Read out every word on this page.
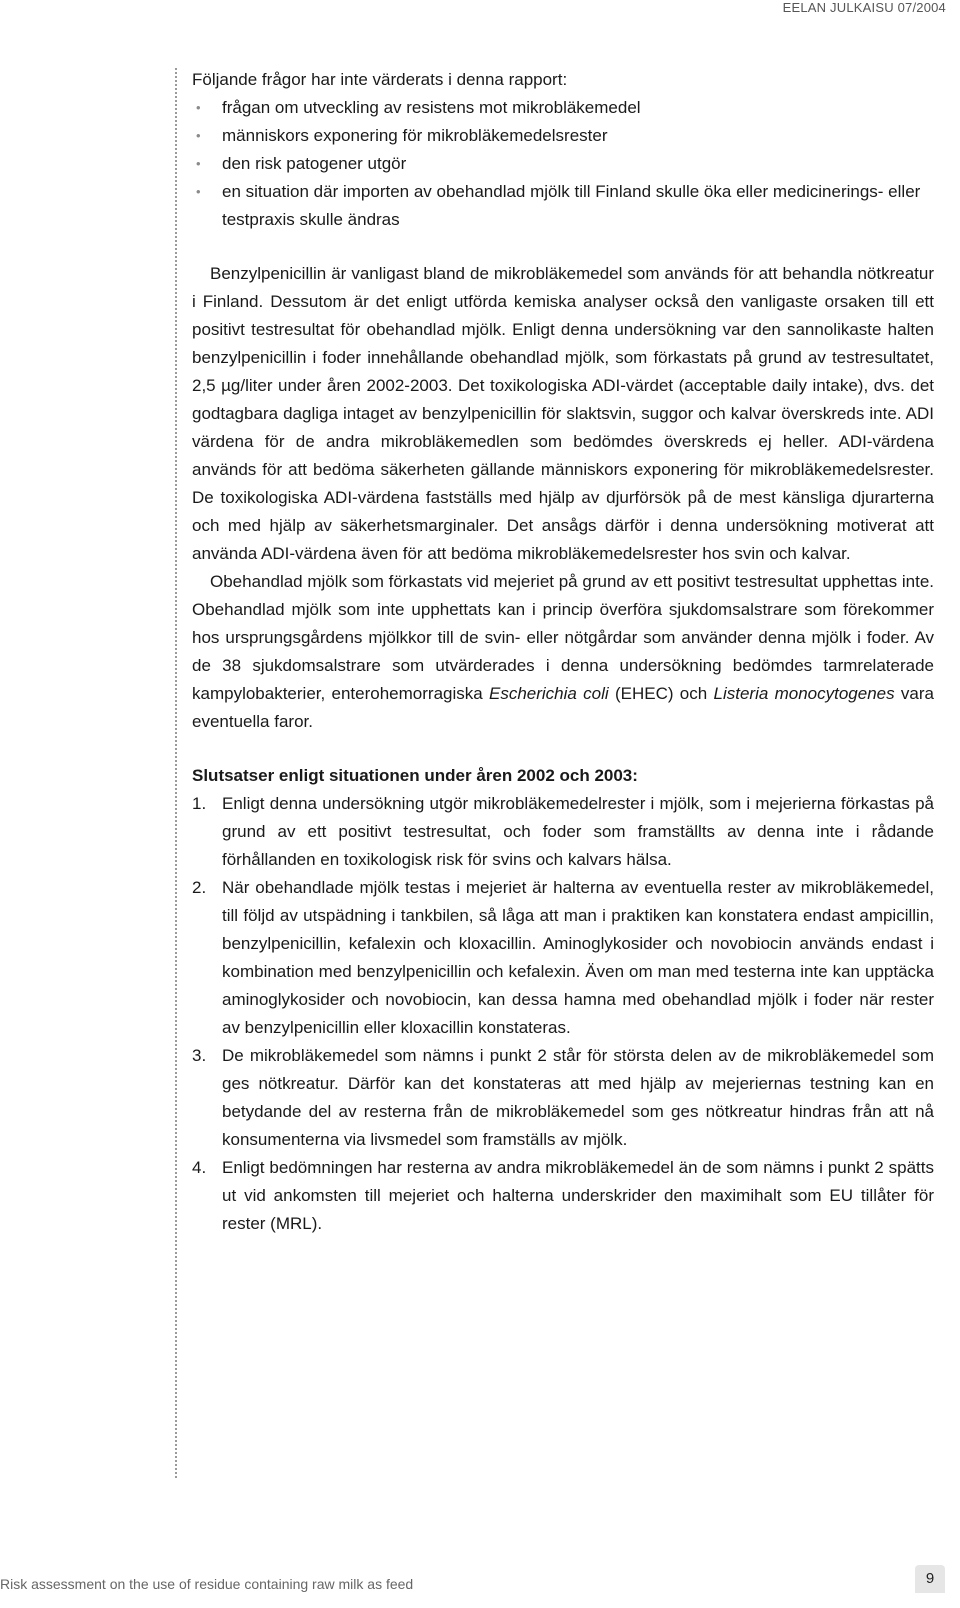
EELAN JULKAISU 07/2004

Följande frågor har inte värderats i denna rapport:

• frågan om utveckling av resistens mot mikrobläkemedel
• människors exponering för mikrobläkemedelsrester
• den risk patogener utgör
• en situation där importen av obehandlad mjölk till Finland skulle öka eller medicinerings- eller testpraxis skulle ändras

Benzylpenicillin är vanligast bland de mikrobläkemedel som används för att behandla nötkreatur i Finland. Dessutom är det enligt utförda kemiska analyser också den vanligaste orsaken till ett positivt testresultat för obehandlad mjölk. Enligt denna undersökning var den sannolikaste halten benzylpenicillin i foder innehållande obehandlad mjölk, som förkastats på grund av testresultatet, 2,5 µg/liter under åren 2002-2003. Det toxikologiska ADI-värdet (acceptable daily intake), dvs. det godtagbara dagliga intaget av benzylpenicillin för slaktsvin, suggor och kalvar överskreds inte. ADI värdena för de andra mikrobläkemedlen som bedömdes överskreds ej heller. ADI-värdena används för att bedöma säkerheten gällande människors exponering för mikrobläkemedelsrester. De toxikologiska ADI-värdena fastställs med hjälp av djurförsök på de mest känsliga djurarterna och med hjälp av säkerhetsmarginaler. Det ansågs därför i denna undersökning motiverat att använda ADI-värdena även för att bedöma mikrobläkemedelsrester hos svin och kalvar.

Obehandlad mjölk som förkastats vid mejeriet på grund av ett positivt testresultat upphettas inte. Obehandlad mjölk som inte upphettats kan i princip överföra sjukdomsalstrare som förekommer hos ursprungsgårdens mjölkkor till de svin- eller nötgårdar som använder denna mjölk i foder. Av de 38 sjukdomsalstrare som utvärderades i denna undersökning bedömdes tarmrelaterade kampylobakterier, enterohemorragiska Escherichia coli (EHEC) och Listeria monocytogenes vara eventuella faror.

Slutsatser enligt situationen under åren 2002 och 2003:

1. Enligt denna undersökning utgör mikrobläkemedelrester i mjölk, som i mejerierna förkastas på grund av ett positivt testresultat, och foder som framställts av denna inte i rådande förhållanden en toxikologisk risk för svins och kalvars hälsa.
2. När obehandlade mjölk testas i mejeriet är halterna av eventuella rester av mikrobläkemedel, till följd av utspädning i tankbilen, så låga att man i praktiken kan konstatera endast ampicillin, benzylpenicillin, kefalexin och kloxacillin. Aminoglykosider och novobiocin används endast i kombination med benzylpenicillin och kefalexin. Även om man med testerna inte kan upptäcka aminoglykosider och novobiocin, kan dessa hamna med obehandlad mjölk i foder när rester av benzylpenicillin eller kloxacillin konstateras.
3. De mikrobläkemedel som nämns i punkt 2 står för största delen av de mikrobläkemedel som ges nötkreatur. Därför kan det konstateras att med hjälp av mejeriernas testning kan en betydande del av resterna från de mikrobläkemedel som ges nötkreatur hindras från att nå konsumenterna via livsmedel som framställs av mjölk.
4. Enligt bedömningen har resterna av andra mikrobläkemedel än de som nämns i punkt 2 spätts ut vid ankomsten till mejeriet och halterna underskrider den maximihalt som EU tillåter för rester (MRL).
Risk assessment on the use of residue containing raw milk as feed	9
